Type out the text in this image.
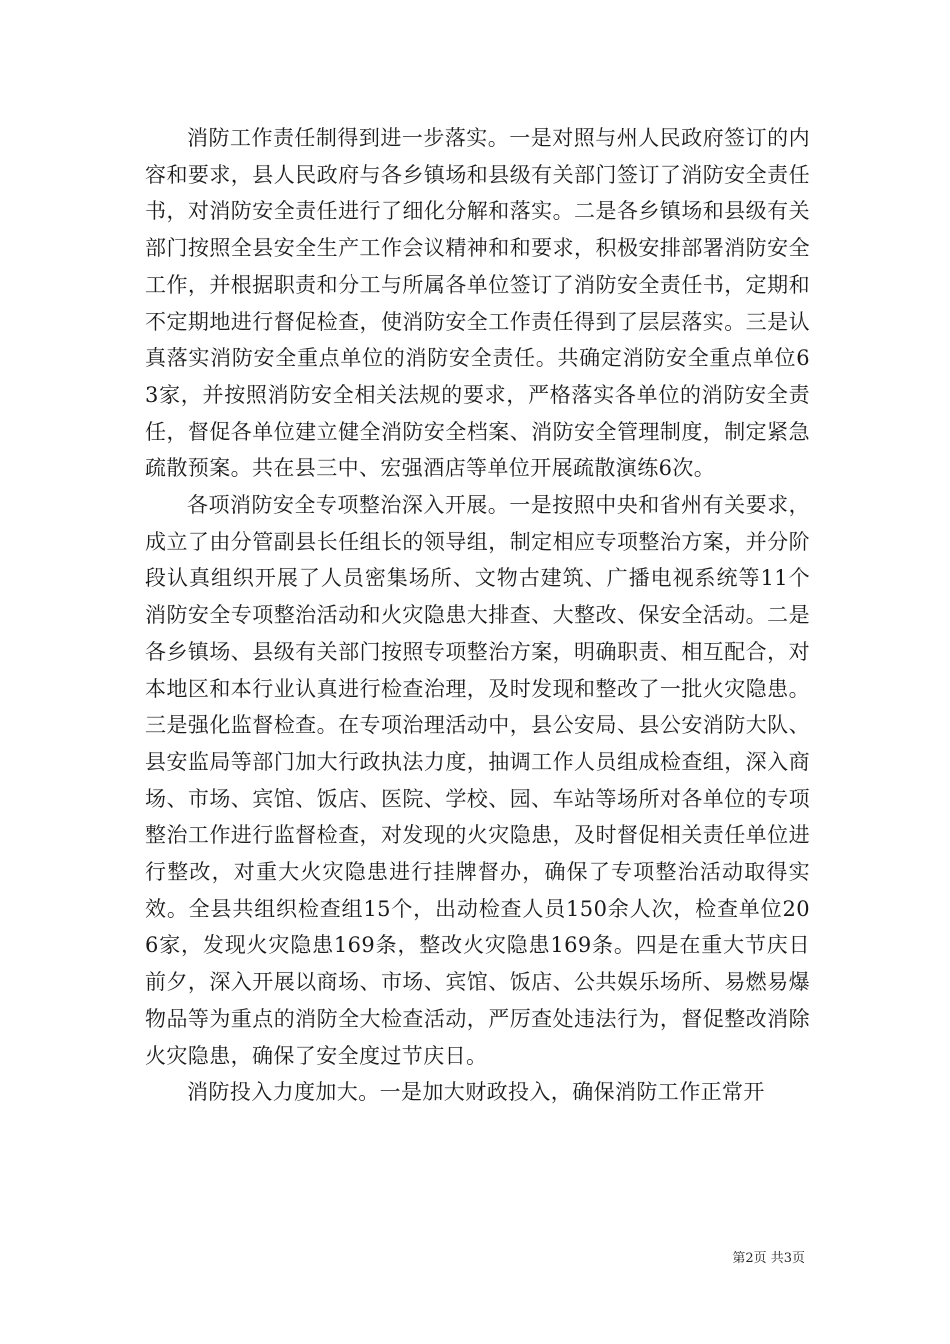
消防工作责任制得到进一步落实。一是对照与州人民政府签订的内容和要求，县人民政府与各乡镇场和县级有关部门签订了消防安全责任书，对消防安全责任进行了细化分解和落实。二是各乡镇场和县级有关部门按照全县安全生产工作会议精神和和要求，积极安排部署消防安全工作，并根据职责和分工与所属各单位签订了消防安全责任书，定期和不定期地进行督促检查，使消防安全工作责任得到了层层落实。三是认真落实消防安全重点单位的消防安全责任。共确定消防安全重点单位63家，并按照消防安全相关法规的要求，严格落实各单位的消防安全责任，督促各单位建立健全消防安全档案、消防安全管理制度，制定紧急疏散预案。共在县三中、宏强酒店等单位开展疏散演练6次。

各项消防安全专项整治深入开展。一是按照中央和省州有关要求，成立了由分管副县长任组长的领导组，制定相应专项整治方案，并分阶段认真组织开展了人员密集场所、文物古建筑、广播电视系统等11个消防安全专项整治活动和火灾隐患大排查、大整改、保安全活动。二是各乡镇场、县级有关部门按照专项整治方案，明确职责、相互配合，对本地区和本行业认真进行检查治理，及时发现和整改了一批火灾隐患。三是强化监督检查。在专项治理活动中，县公安局、县公安消防大队、县安监局等部门加大行政执法力度，抽调工作人员组成检查组，深入商场、市场、宾馆、饭店、医院、学校、园、车站等场所对各单位的专项整治工作进行监督检查，对发现的火灾隐患，及时督促相关责任单位进行整改，对重大火灾隐患进行挂牌督办，确保了专项整治活动取得实效。全县共组织检查组15个，出动检查人员150余人次，检查单位206家，发现火灾隐患169条，整改火灾隐患169条。四是在重大节庆日前夕，深入开展以商场、市场、宾馆、饭店、公共娱乐场所、易燃易爆物品等为重点的消防全大检查活动，严厉查处违法行为，督促整改消除火灾隐患，确保了安全度过节庆日。

消防投入力度加大。一是加大财政投入，确保消防工作正常开

第2页 共3页
